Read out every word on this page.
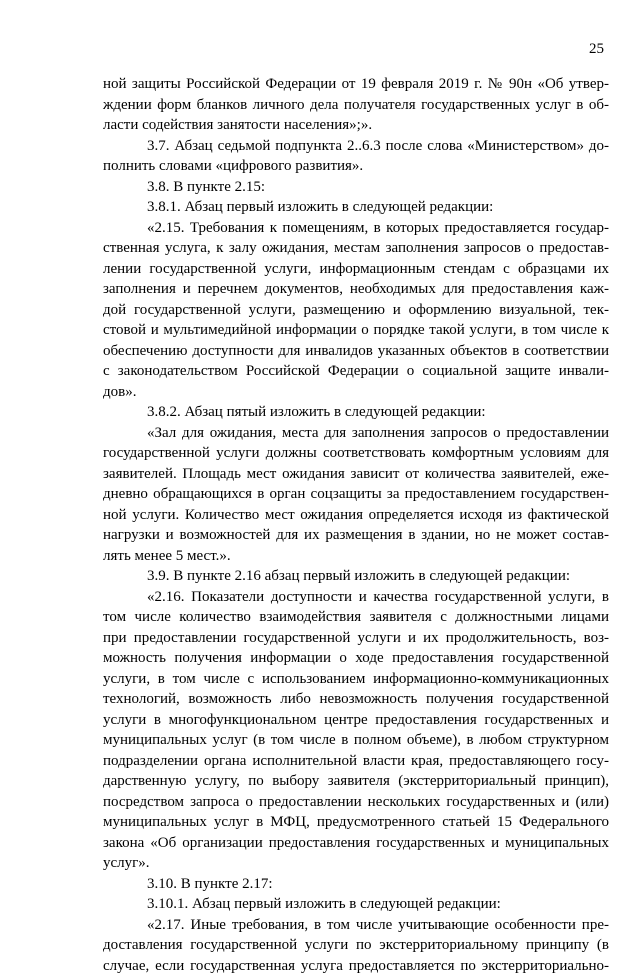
25
ной защиты Российской Федерации от 19 февраля 2019 г. № 90н «Об утвер-
ждении форм бланков личного дела получателя государственных услуг в об-
ласти содействия занятости населения»;».
3.7. Абзац седьмой подпункта 2..6.3 после слова «Министерством» до-
полнить словами «цифрового развития».
3.8. В пункте 2.15:
3.8.1. Абзац первый изложить в следующей редакции:
«2.15. Требования к помещениям, в которых предоставляется государ-
ственная услуга, к залу ожидания, местам заполнения запросов о предостав-
лении государственной услуги, информационным стендам с образцами их
заполнения и перечнем документов, необходимых для предоставления каж-
дой государственной услуги, размещению и оформлению визуальной, тек-
стовой и мультимедийной информации о порядке такой услуги, в том числе к
обеспечению доступности для инвалидов указанных объектов в соответствии
с законодательством Российской Федерации о социальной защите инвали-
дов».
3.8.2. Абзац пятый изложить в следующей редакции:
«Зал для ожидания, места для заполнения запросов о предоставлении
государственной услуги должны соответствовать комфортным условиям для
заявителей. Площадь мест ожидания зависит от количества заявителей, еже-
дневно обращающихся в орган соцзащиты за предоставлением государствен-
ной услуги. Количество мест ожидания определяется исходя из фактической
нагрузки и возможностей для их размещения в здании, но не может состав-
лять менее 5 мест.».
3.9. В пункте 2.16 абзац первый изложить в следующей редакции:
«2.16. Показатели доступности и качества государственной услуги, в
том числе количество взаимодействия заявителя с должностными лицами
при предоставлении государственной услуги и их продолжительность, воз-
можность получения информации о ходе предоставления государственной
услуги, в том числе с использованием информационно-коммуникационных
технологий, возможность либо невозможность получения государственной
услуги в многофункциональном центре предоставления государственных и
муниципальных услуг (в том числе в полном объеме), в любом структурном
подразделении органа исполнительной власти края, предоставляющего госу-
дарственную услугу, по выбору заявителя (экстерриториальный принцип),
посредством запроса о предоставлении нескольких государственных и (или)
муниципальных услуг в МФЦ, предусмотренного статьей 15 Федерального
закона «Об организации предоставления государственных и муниципальных
услуг».
3.10. В пункте 2.17:
3.10.1. Абзац первый изложить в следующей редакции:
«2.17. Иные требования, в том числе учитывающие особенности пре-
доставления государственной услуги по экстерриториальному принципу (в
случае, если государственная услуга предоставляется по экстерриториально-
